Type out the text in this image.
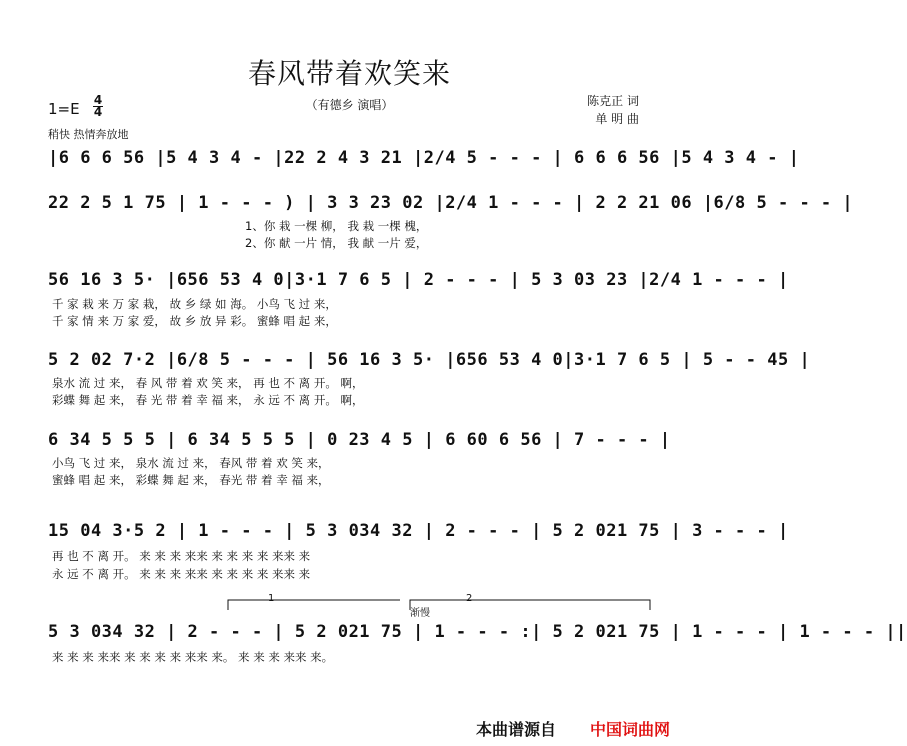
春风带着欢笑来
（有德乡 演唱）	陈克正 词
单 明 曲
1=E 4
4
稍快 热情奔放地
|6 6 6 56 |5 4 3 4 - |22 2 4 3 21 |2/4 5 - - - | 6 6 6 56 |5 4 3 4 - |
22 2 5 1 75 | 1 - - - ) | 3 3 23 02 |2/4 1 - - - | 2 2 21 06 |6/8 5 - - - |
1、你 栽 一棵 柳， 我 栽 一棵 槐，
2、你 献 一片 情， 我 献 一片 爱，
56 16 3 5· |656 53 4 0|3·1 7 6 5 | 2 - - - | 5 3 03 23 |2/4 1 - - - |
千 家 栽 来 万 家 栽， 故 乡 绿 如 海。 小鸟 飞 过 来，
千 家 情 来 万 家 爱， 故 乡 放 异 彩。 蜜蜂 唱 起 来，
5 2 02 7·2 |6/8 5 - - - | 56 16 3 5· |656 53 4 0|3·1 7 6 5 | 5 - - 45 |
泉水 流 过 来， 春 风 带 着 欢 笑 来， 再 也 不 离 开。 啊，
彩蝶 舞 起 来， 春 光 带 着 幸 福 来， 永 远 不 离 开。 啊，
6 34 5 5 5 | 6 34 5 5 5 | 0 23 4 5 | 6 60 6 56 | 7 - - - |
小鸟 飞 过 来， 泉水 流 过 来， 春风 带 着 欢 笑 来，
蜜蜂 唱 起 来， 彩蝶 舞 起 来， 春光 带 着 幸 福 来，
15 04 3·5 2 | 1 - - - | 5 3 034 32 | 2 - - - | 5 2 021 75 | 3 - - - |
再 也 不 离 开。 来 来 来 来来 来 来 来 来 来来 来
永 远 不 离 开。 来 来 来 来来 来 来 来 来 来来 来
1	2
渐慢
5 3 034 32 | 2 - - - | 5 2 021 75 | 1 - - - :| 5 2 021 75 | 1 - - - | 1 - - - ||
来 来 来 来来 来 来 来 来 来来 来。 来 来 来 来来 来。
本曲谱源自 中国词曲网
